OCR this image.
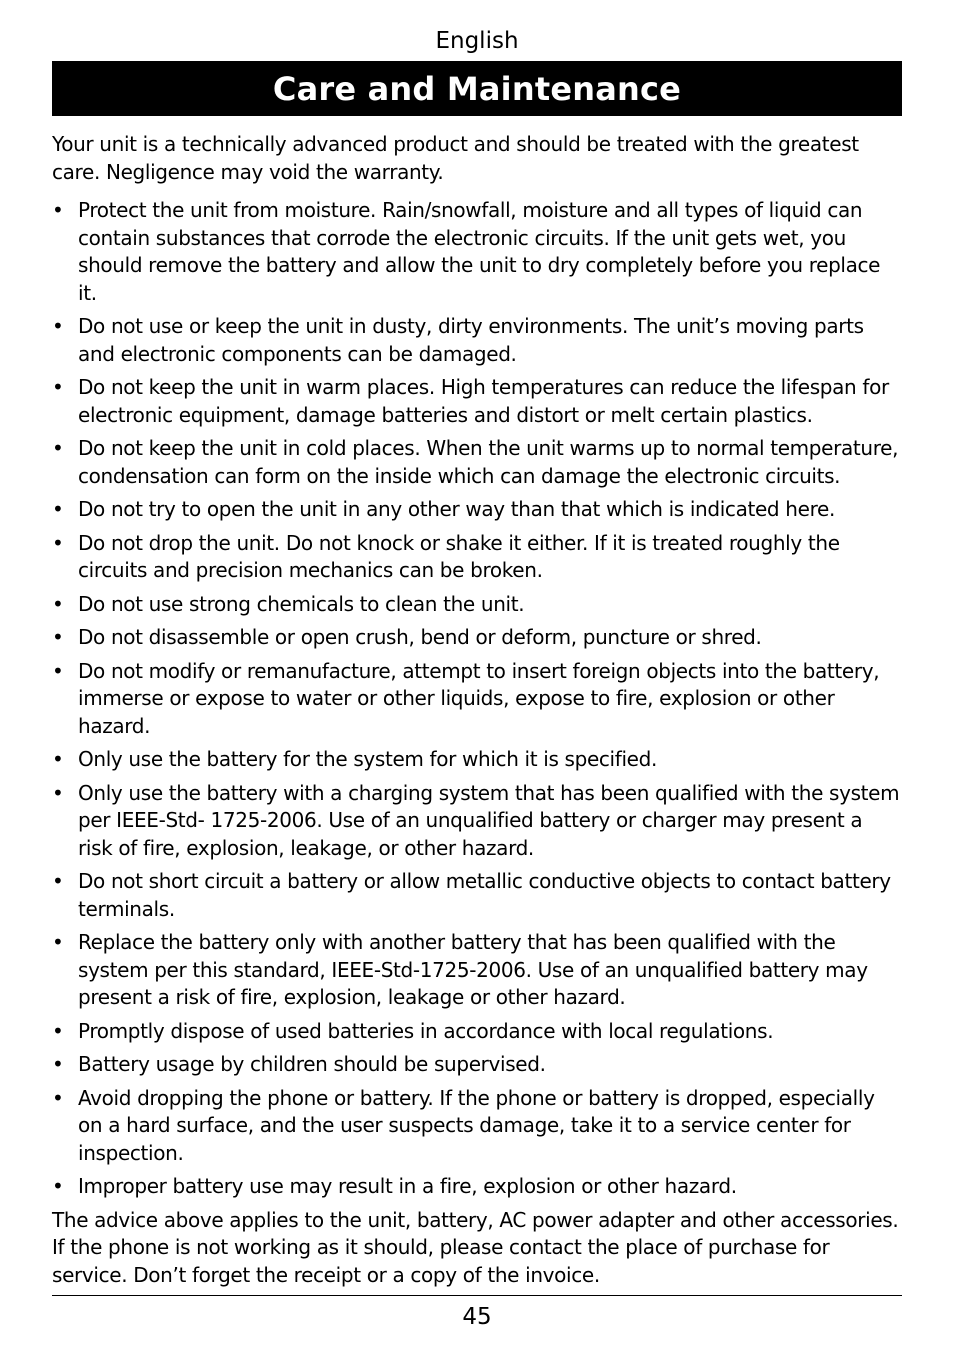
English
Care and Maintenance

Your unit is a technically advanced product and should be treated with the greatest care. Negligence may void the warranty.

• Protect the unit from moisture. Rain/snowfall, moisture and all types of liquid can contain substances that corrode the electronic circuits. If the unit gets wet, you should remove the battery and allow the unit to dry completely before you replace it.
• Do not use or keep the unit in dusty, dirty environments. The unit’s moving parts and electronic components can be damaged.
• Do not keep the unit in warm places. High temperatures can reduce the lifespan for electronic equipment, damage batteries and distort or melt certain plastics.
• Do not keep the unit in cold places. When the unit warms up to normal temperature, condensation can form on the inside which can damage the electronic circuits.
• Do not try to open the unit in any other way than that which is indicated here.
• Do not drop the unit. Do not knock or shake it either. If it is treated roughly the circuits and precision mechanics can be broken.
• Do not use strong chemicals to clean the unit.
• Do not disassemble or open crush, bend or deform, puncture or shred.
• Do not modify or remanufacture, attempt to insert foreign objects into the battery, immerse or expose to water or other liquids, expose to fire, explosion or other hazard.
• Only use the battery for the system for which it is specified.
• Only use the battery with a charging system that has been qualified with the system per IEEE-Std- 1725-2006. Use of an unqualified battery or charger may present a risk of fire, explosion, leakage, or other hazard.
• Do not short circuit a battery or allow metallic conductive objects to contact battery terminals.
• Replace the battery only with another battery that has been qualified with the system per this standard, IEEE-Std-1725-2006. Use of an unqualified battery may present a risk of fire, explosion, leakage or other hazard.
• Promptly dispose of used batteries in accordance with local regulations.
• Battery usage by children should be supervised.
• Avoid dropping the phone or battery. If the phone or battery is dropped, especially on a hard surface, and the user suspects damage, take it to a service center for inspection.
• Improper battery use may result in a fire, explosion or other hazard.

The advice above applies to the unit, battery, AC power adapter and other accessories. If the phone is not working as it should, please contact the place of purchase for service. Don’t forget the receipt or a copy of the invoice.

45
